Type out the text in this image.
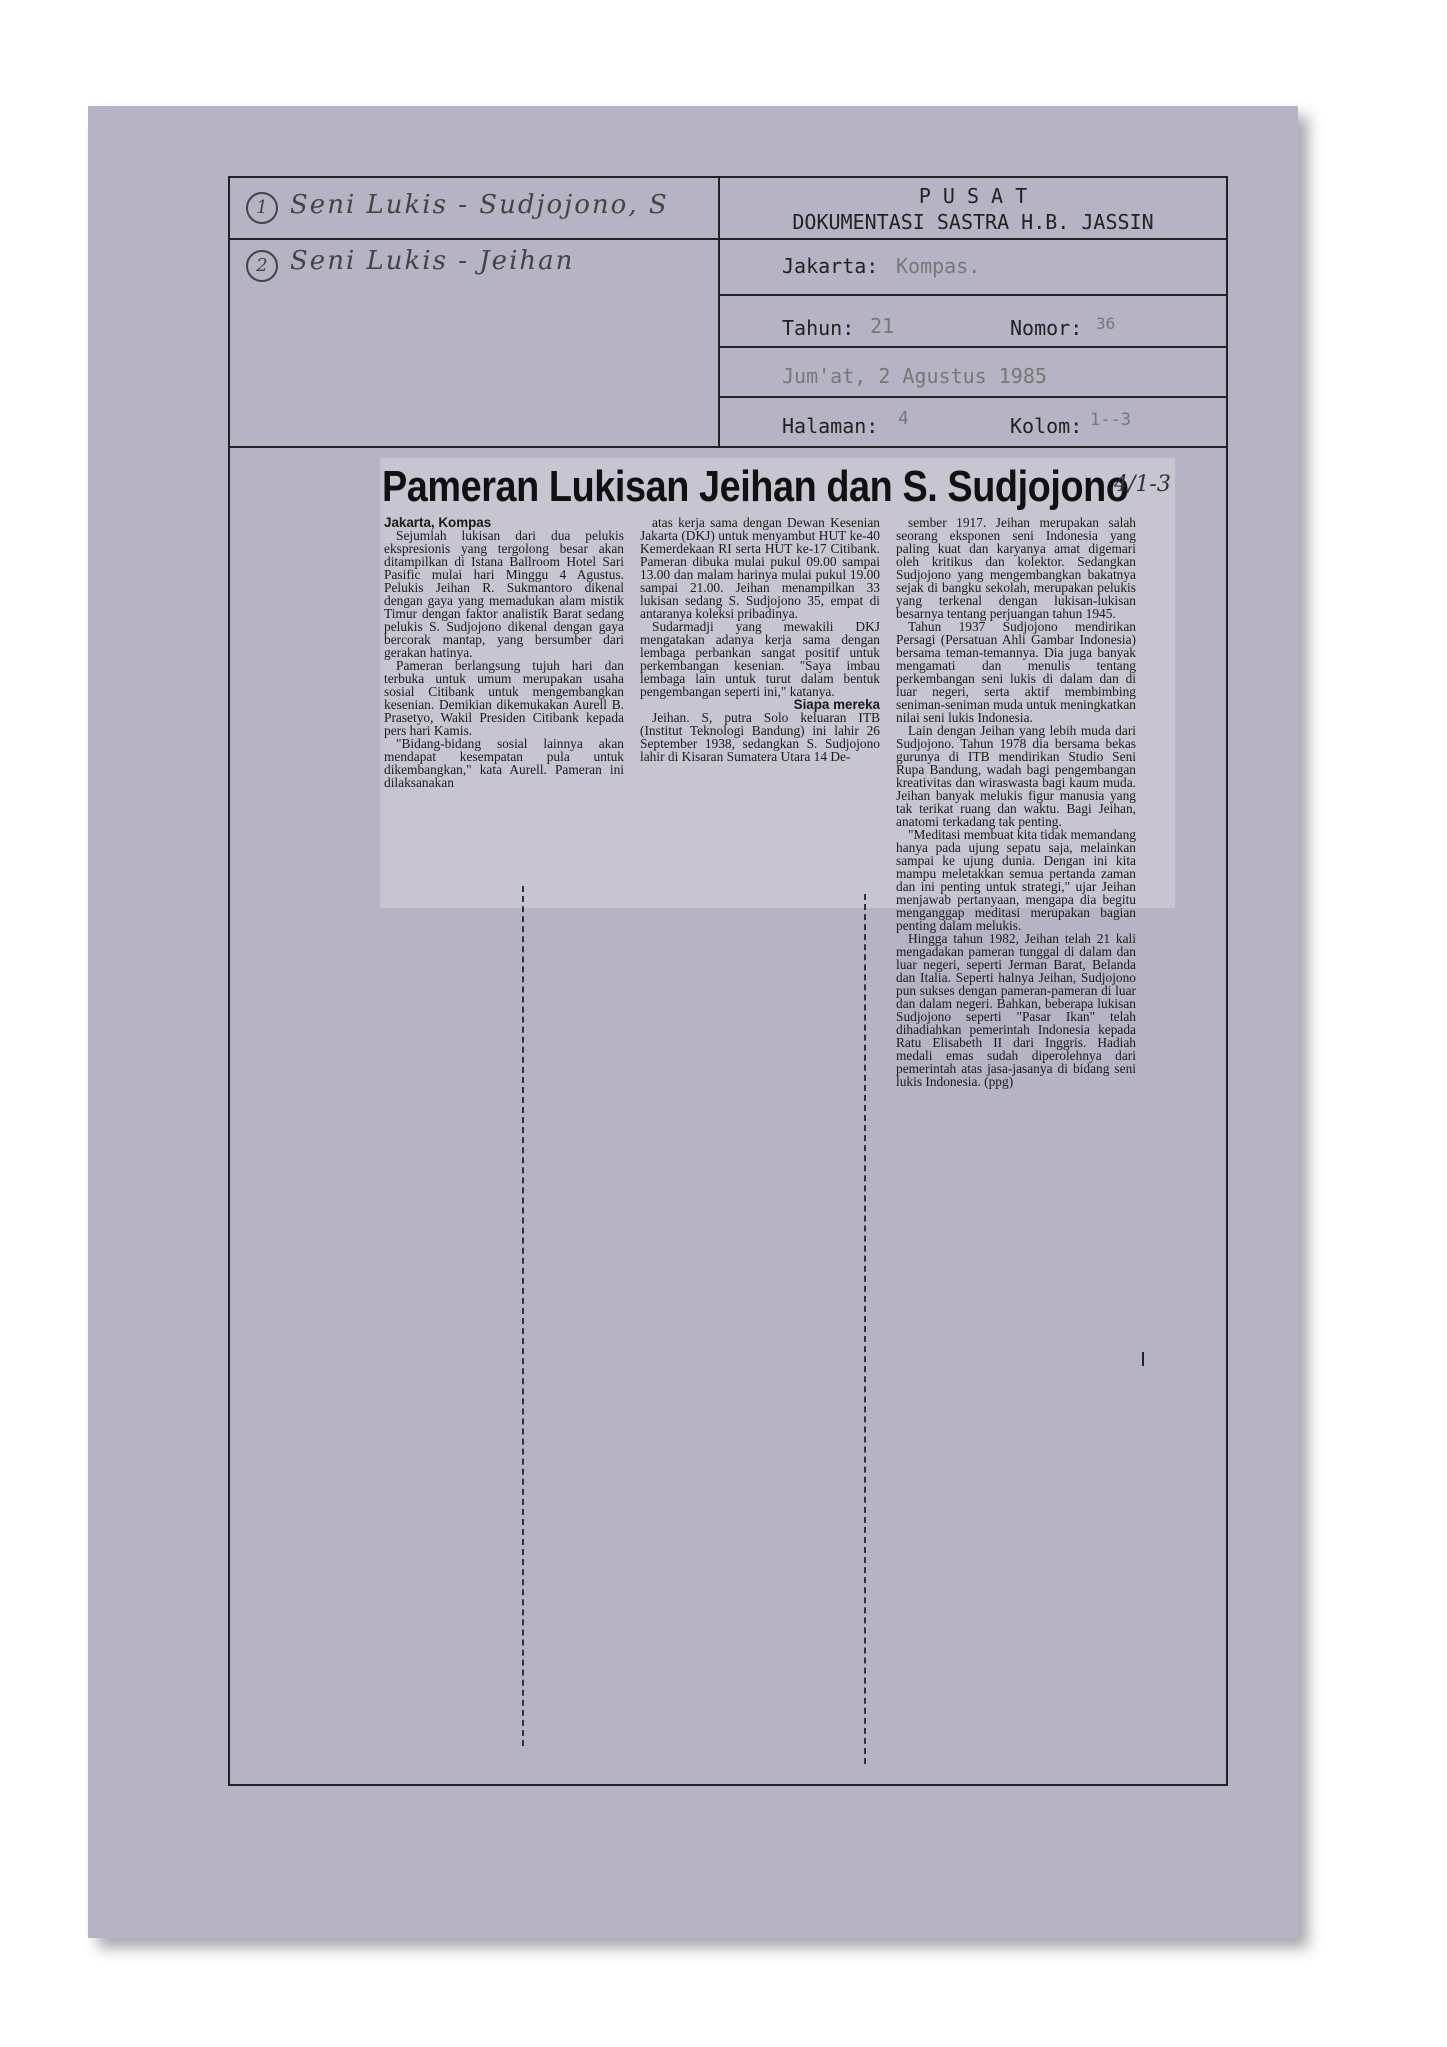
1 Seni Lukis - Sudjojono, S
2 Seni Lukis - Jeihan
P U S A T
DOKUMENTASI SASTRA H.B. JASSIN
Jakarta: Kompas.
Tahun: 21	Nomor: 36
Jum'at, 2 Agustus 1985
Halaman: 4	Kolom: 1--3
Pameran Lukisan Jeihan dan S. Sudjojono
4/1-3

Jakarta, Kompas

Sejumlah lukisan dari dua pelukis ekspresionis yang tergolong besar akan ditampilkan di Istana Ballroom Hotel Sari Pasific mulai hari Minggu 4 Agustus. Pelukis Jeihan R. Sukmantoro dikenal dengan gaya yang memadukan alam mistik Timur dengan faktor analistik Barat sedang pelukis S. Sudjojono dikenal dengan gaya bercorak mantap, yang bersumber dari gerakan hatinya.

Pameran berlangsung tujuh hari dan terbuka untuk umum merupakan usaha sosial Citibank untuk mengembangkan kesenian. Demikian dikemukakan Aurell B. Prasetyo, Wakil Presiden Citibank kepada pers hari Kamis.

"Bidang-bidang sosial lainnya akan mendapat kesempatan pula untuk dikembangkan," kata Aurell. Pameran ini dilaksanakan

atas kerja sama dengan Dewan Kesenian Jakarta (DKJ) untuk menyambut HUT ke-40 Kemerdekaan RI serta HUT ke-17 Citibank. Pameran dibuka mulai pukul 09.00 sampai 13.00 dan malam harinya mulai pukul 19.00 sampai 21.00. Jeihan menampilkan 33 lukisan sedang S. Sudjojono 35, empat di antaranya koleksi pribadinya.

Sudarmadji yang mewakili DKJ mengatakan adanya kerja sama dengan lembaga perbankan sangat positif untuk perkembangan kesenian. "Saya imbau lembaga lain untuk turut dalam bentuk pengembangan seperti ini," katanya.

Siapa mereka

Jeihan. S, putra Solo keluaran ITB (Institut Teknologi Bandung) ini lahir 26 September 1938, sedangkan S. Sudjojono lahir di Kisaran Sumatera Utara 14 De-

sember 1917. Jeihan merupakan salah seorang eksponen seni Indonesia yang paling kuat dan karyanya amat digemari oleh kritikus dan kolektor. Sedangkan Sudjojono yang mengembangkan bakatnya sejak di bangku sekolah, merupakan pelukis yang terkenal dengan lukisan-lukisan besarnya tentang perjuangan tahun 1945.

Tahun 1937 Sudjojono mendirikan Persagi (Persatuan Ahli Gambar Indonesia) bersama teman-temannya. Dia juga banyak mengamati dan menulis tentang perkembangan seni lukis di dalam dan di luar negeri, serta aktif membimbing seniman-seniman muda untuk meningkatkan nilai seni lukis Indonesia.

Lain dengan Jeihan yang lebih muda dari Sudjojono. Tahun 1978 dia bersama bekas gurunya di ITB mendirikan Studio Seni Rupa Bandung, wadah bagi pengembangan kreativitas dan wiraswasta bagi kaum muda. Jeihan banyak melukis figur manusia yang tak terikat ruang dan waktu. Bagi Jeihan, anatomi terkadang tak penting.

"Meditasi membuat kita tidak memandang hanya pada ujung sepatu saja, melainkan sampai ke ujung dunia. Dengan ini kita mampu meletakkan semua pertanda zaman dan ini penting untuk strategi," ujar Jeihan menjawab pertanyaan, mengapa dia begitu menganggap meditasi merupakan bagian penting dalam melukis.

Hingga tahun 1982, Jeihan telah 21 kali mengadakan pameran tunggal di dalam dan luar negeri, seperti Jerman Barat, Belanda dan Italia. Seperti halnya Jeihan, Sudjojono pun sukses dengan pameran-pameran di luar dan dalam negeri. Bahkan, beberapa lukisan Sudjojono seperti "Pasar Ikan" telah dihadiahkan pemerintah Indonesia kepada Ratu Elisabeth II dari Inggris. Hadiah medali emas sudah diperolehnya dari pemerintah atas jasa-jasanya di bidang seni lukis Indonesia. (ppg)
